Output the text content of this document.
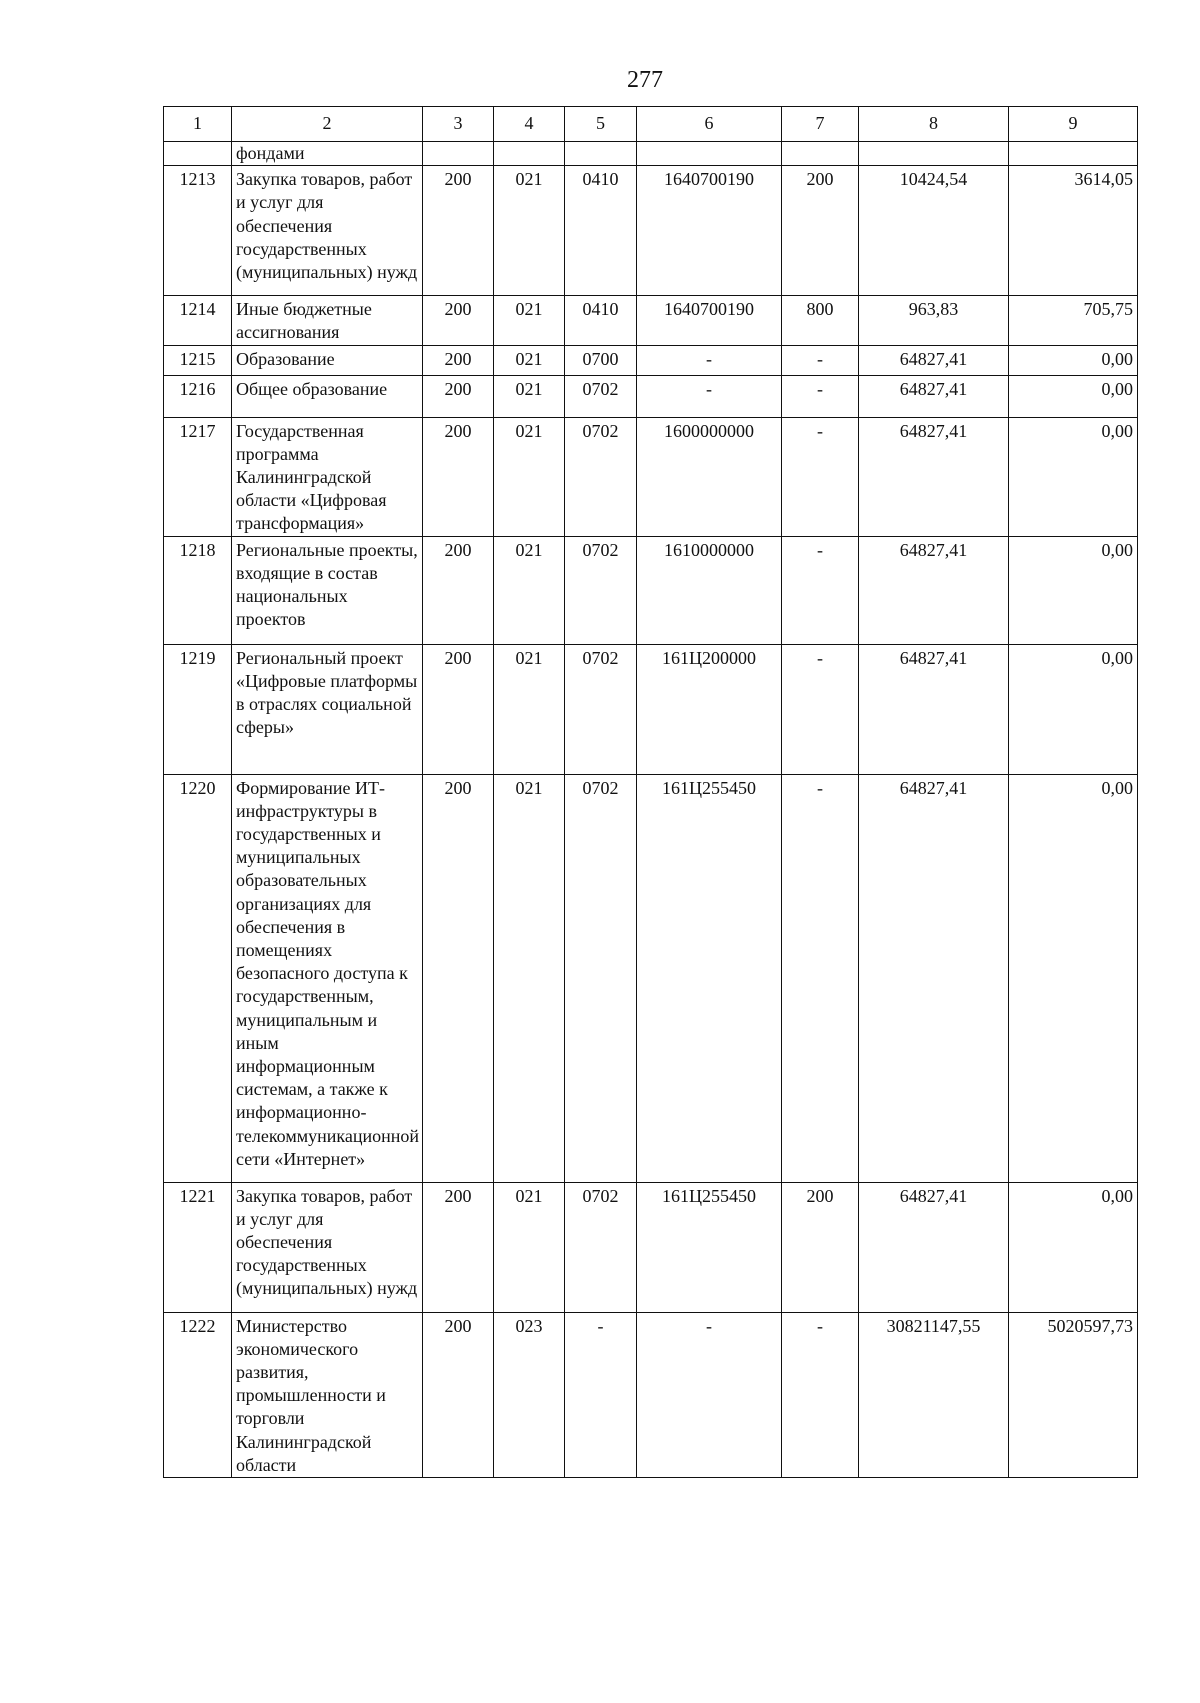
277
1	2	3	4	5	6	7	8	9
	фондами							
1213	Закупка товаров, работ и услуг для обеспечения государственных (муниципальных) нужд	200	021	0410	1640700190	200	10424,54	3614,05
1214	Иные бюджетные ассигнования	200	021	0410	1640700190	800	963,83	705,75
1215	Образование	200	021	0700	-	-	64827,41	0,00
1216	Общее образование	200	021	0702	-	-	64827,41	0,00
1217	Государственная программа Калининградской области «Цифровая трансформация»	200	021	0702	1600000000	-	64827,41	0,00
1218	Региональные проекты, входящие в состав национальных проектов	200	021	0702	1610000000	-	64827,41	0,00
1219	Региональный проект «Цифровые платформы в отраслях социальной сферы»	200	021	0702	161Ц200000	-	64827,41	0,00
1220	Формирование ИТ-инфраструктуры в государственных и муниципальных образовательных организациях для обеспечения в помещениях безопасного доступа к государственным, муниципальным и иным информационным системам, а также к информационно-телекоммуникационной сети «Интернет»	200	021	0702	161Ц255450	-	64827,41	0,00
1221	Закупка товаров, работ и услуг для обеспечения государственных (муниципальных) нужд	200	021	0702	161Ц255450	200	64827,41	0,00
1222	Министерство экономического развития, промышленности и торговли Калининградской области	200	023	-	-	-	30821147,55	5020597,73
